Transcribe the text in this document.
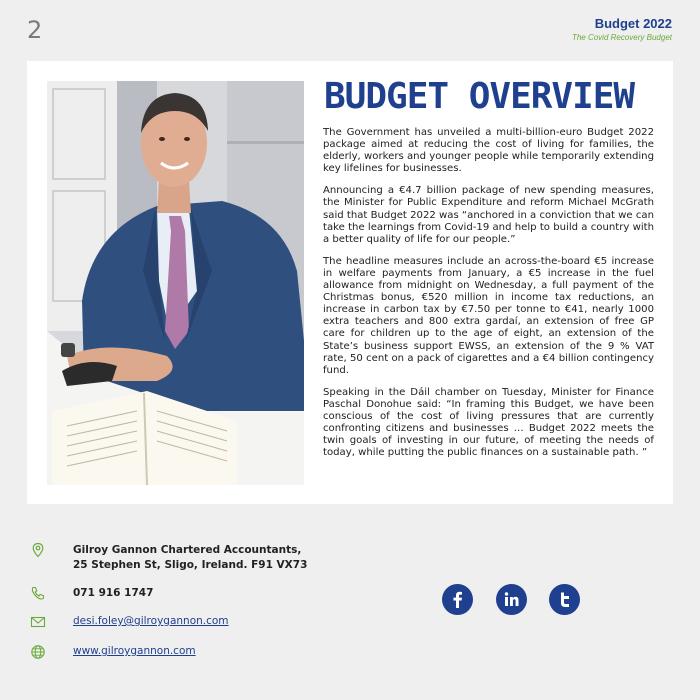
2	Budget 2022
The Covid Recovery Budget
BUDGET OVERVIEW

The Government has unveiled a multi-billion-euro Budget 2022 package aimed at reducing the cost of living for families, the elderly, workers and younger people while temporarily extending key lifelines for businesses.

Announcing a €4.7 billion package of new spending measures, the Minister for Public Expenditure and reform Michael McGrath said that Budget 2022 was “anchored in a conviction that we can take the learnings from Covid-19 and help to build a country with a better quality of life for our people.”

The headline measures include an across-the-board €5 increase in welfare payments from January, a €5 increase in the fuel allowance from midnight on Wednesday, a full payment of the Christmas bonus, €520 million in income tax reductions, an increase in carbon tax by €7.50 per tonne to €41, nearly 1000 extra teachers and 800 extra gardaí, an extension of free GP care for children up to the age of eight, an extension of the State’s business support EWSS, an extension of the 9 % VAT rate, 50 cent on a pack of cigarettes and a €4 billion contingency fund.

Speaking in the Dáil chamber on Tuesday, Minister for Finance Paschal Donohue said: “In framing this Budget, we have been conscious of the cost of living pressures that are currently confronting citizens and businesses … Budget 2022 meets the twin goals of investing in our future, of meeting the needs of today, while putting the public finances on a sustainable path. ”

Gilroy Gannon Chartered Accountants,
25 Stephen St, Sligo, Ireland. F91 VX73
071 916 1747
desi.foley@gilroygannon.com
www.gilroygannon.com
